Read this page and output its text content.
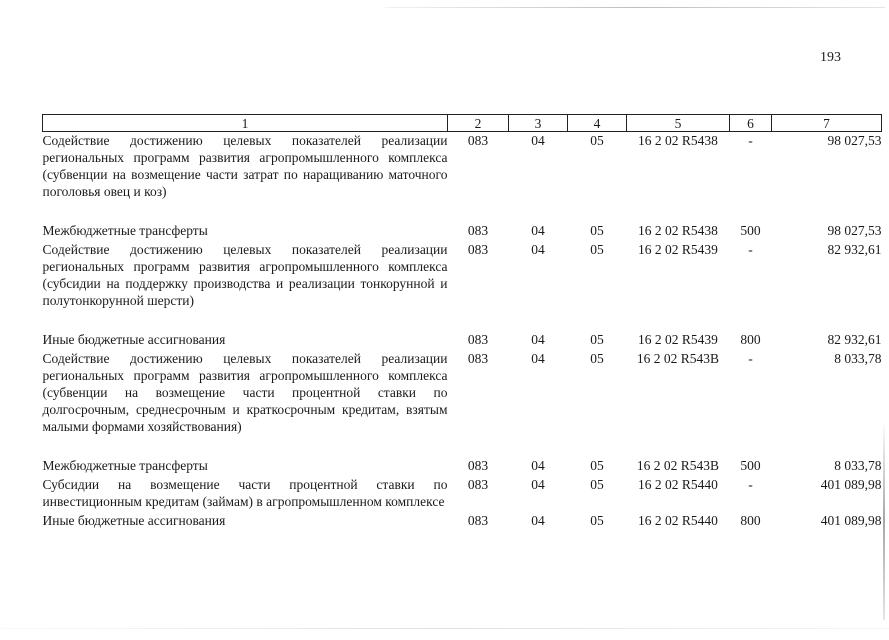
193
1	2	3	4	5	6	7
Содействие достижению целевых показателей реализации региональных программ развития агропромышленного комплекса (субвенции на возмещение части затрат по наращиванию маточного поголовья овец и коз)	083	04	05	16 2 02 R5438	-	98 027,53
Межбюджетные трансферты	083	04	05	16 2 02 R5438	500	98 027,53
Содействие достижению целевых показателей реализации региональных программ развития агропромышленного комплекса (субсидии на поддержку производства и реализации тонкорунной и полутонкорунной шерсти)	083	04	05	16 2 02 R5439	-	82 932,61
Иные бюджетные ассигнования	083	04	05	16 2 02 R5439	800	82 932,61
Содействие достижению целевых показателей реализации региональных программ развития агропромышленного комплекса (субвенции на возмещение части процентной ставки по долгосрочным, среднесрочным и краткосрочным кредитам, взятым малыми формами хозяйствования)	083	04	05	16 2 02 R543B	-	8 033,78
Межбюджетные трансферты	083	04	05	16 2 02 R543B	500	8 033,78
Субсидии на возмещение части процентной ставки по инвестиционным кредитам (займам) в агропромышленном комплексе	083	04	05	16 2 02 R5440	-	401 089,98
Иные бюджетные ассигнования	083	04	05	16 2 02 R5440	800	401 089,98
